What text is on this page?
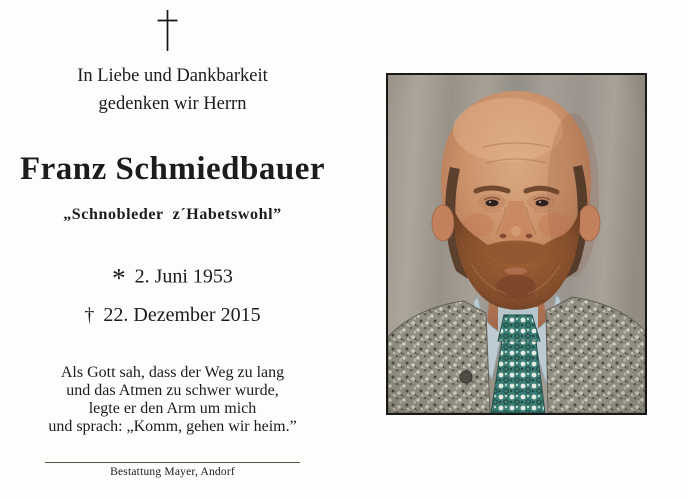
In Liebe und Dankbarkeit
gedenken wir Herrn
Franz Schmiedbauer
„Schnobleder  z´Habetswohl”
* 2. Juni 1953
† 22. Dezember 2015
Als Gott sah, dass der Weg zu lang
und das Atmen zu schwer wurde,
legte er den Arm um mich
und sprach: „Komm, gehen wir heim.”
Bestattung Mayer, Andorf
